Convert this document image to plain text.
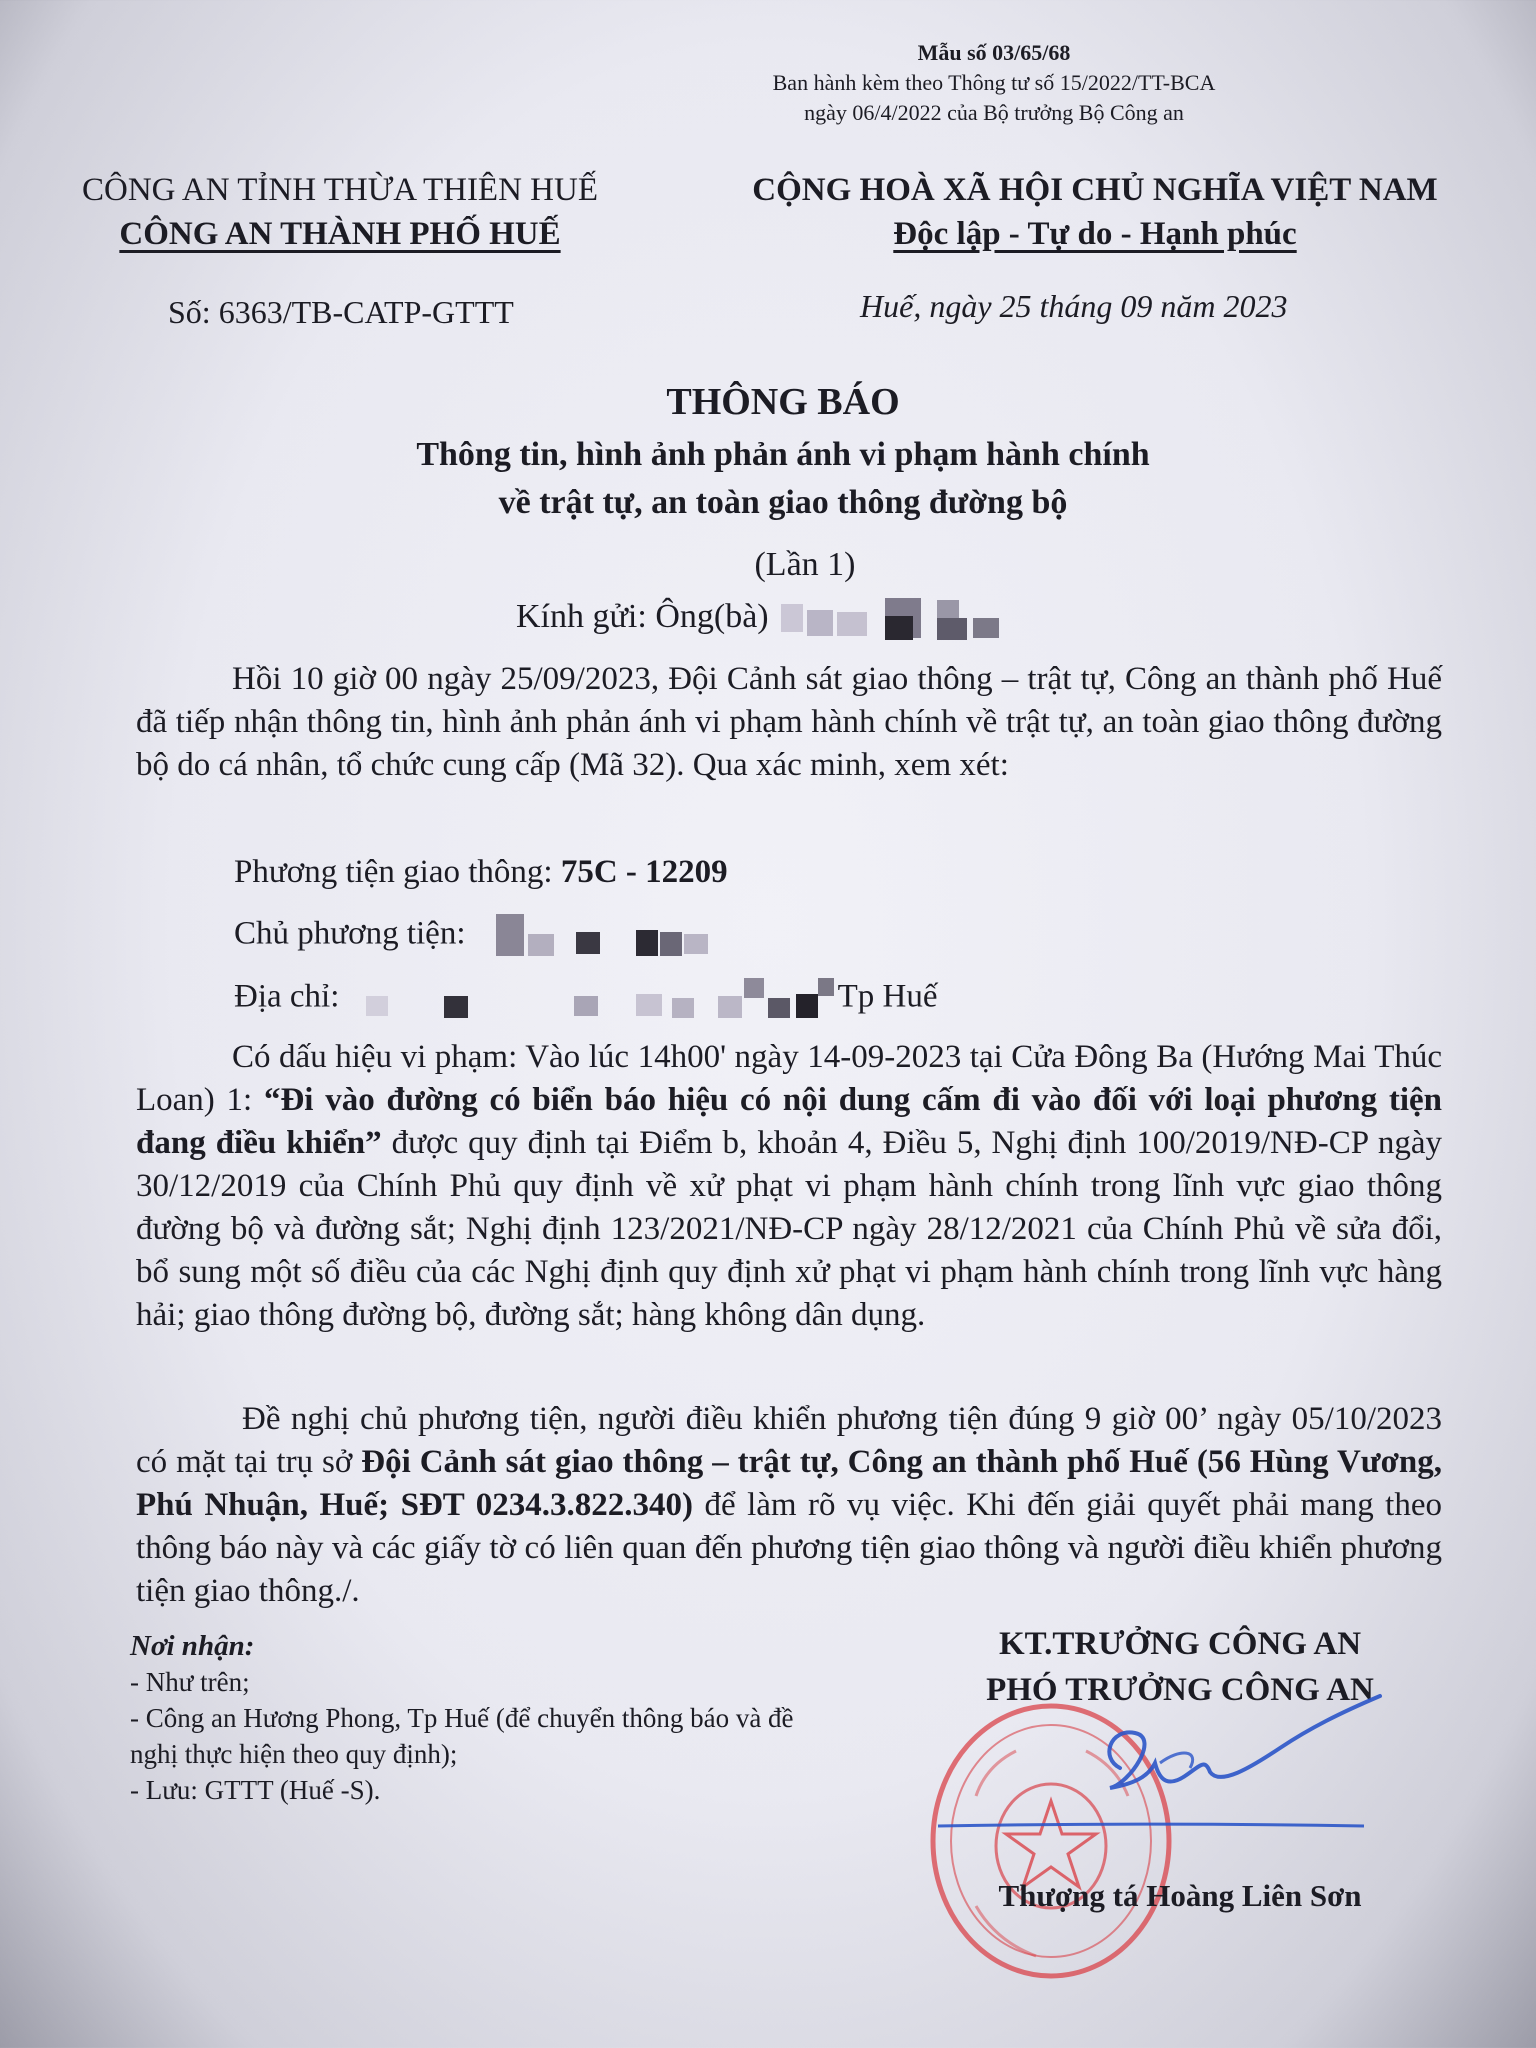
Mẫu số 03/65/68
Ban hành kèm theo Thông tư số 15/2022/TT-BCA
ngày 06/4/2022 của Bộ trưởng Bộ Công an
CÔNG AN TỈNH THỪA THIÊN HUẾ
CÔNG AN THÀNH PHỐ HUẾ
CỘNG HOÀ XÃ HỘI CHỦ NGHĨA VIỆT NAM
Độc lập - Tự do - Hạnh phúc
Số: 6363/TB-CATP-GTTT	Huế, ngày 25 tháng 09 năm 2023
THÔNG BÁO
Thông tin, hình ảnh phản ánh vi phạm hành chính
về trật tự, an toàn giao thông đường bộ
(Lần 1)
Kính gửi: Ông(bà)
Hồi 10 giờ 00 ngày 25/09/2023, Đội Cảnh sát giao thông – trật tự, Công an thành phố Huế đã tiếp nhận thông tin, hình ảnh phản ánh vi phạm hành chính về trật tự, an toàn giao thông đường bộ do cá nhân, tổ chức cung cấp (Mã 32). Qua xác minh, xem xét:
Phương tiện giao thông: 75C - 12209
Chủ phương tiện:
Địa chỉ:	Tp Huế
Có dấu hiệu vi phạm: Vào lúc 14h00' ngày 14-09-2023 tại Cửa Đông Ba (Hướng Mai Thúc Loan) 1: “Đi vào đường có biển báo hiệu có nội dung cấm đi vào đối với loại phương tiện đang điều khiển” được quy định tại Điểm b, khoản 4, Điều 5, Nghị định 100/2019/NĐ-CP ngày 30/12/2019 của Chính Phủ quy định về xử phạt vi phạm hành chính trong lĩnh vực giao thông đường bộ và đường sắt; Nghị định 123/2021/NĐ-CP ngày 28/12/2021 của Chính Phủ về sửa đổi, bổ sung một số điều của các Nghị định quy định xử phạt vi phạm hành chính trong lĩnh vực hàng hải; giao thông đường bộ, đường sắt; hàng không dân dụng.
Đề nghị chủ phương tiện, người điều khiển phương tiện đúng 9 giờ 00’ ngày 05/10/2023 có mặt tại trụ sở Đội Cảnh sát giao thông – trật tự, Công an thành phố Huế (56 Hùng Vương, Phú Nhuận, Huế; SĐT 0234.3.822.340) để làm rõ vụ việc. Khi đến giải quyết phải mang theo thông báo này và các giấy tờ có liên quan đến phương tiện giao thông và người điều khiển phương tiện giao thông./.
Nơi nhận:
- Như trên;
- Công an Hương Phong, Tp Huế (để chuyển thông báo và đề nghị thực hiện theo quy định);
- Lưu: GTTT (Huế -S).
KT.TRƯỞNG CÔNG AN
PHÓ TRƯỞNG CÔNG AN
Thượng tá Hoàng Liên Sơn
